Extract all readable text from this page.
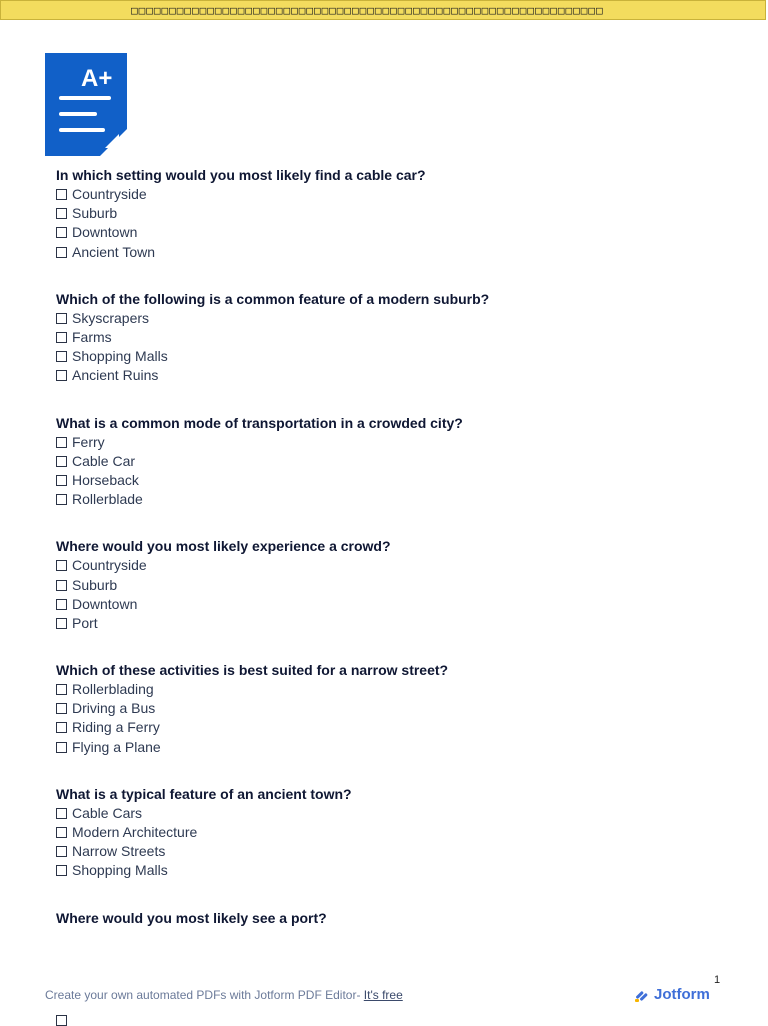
□□□□□□□□□□□□□□□□□□□□□□□□□□□□□□□□□□□□□□□□□□□□□□□□□□□□□□□□□□□□□□
A+
In which setting would you most likely find a cable car?
Countryside
Suburb
Downtown
Ancient Town
Which of the following is a common feature of a modern suburb?
Skyscrapers
Farms
Shopping Malls
Ancient Ruins
What is a common mode of transportation in a crowded city?
Ferry
Cable Car
Horseback
Rollerblade
Where would you most likely experience a crowd?
Countryside
Suburb
Downtown
Port
Which of these activities is best suited for a narrow street?
Rollerblading
Driving a Bus
Riding a Ferry
Flying a Plane
What is a typical feature of an ancient town?
Cable Cars
Modern Architecture
Narrow Streets
Shopping Malls
Where would you most likely see a port?
Create your own automated PDFs with Jotform PDF Editor- It's free
1
Jotform
